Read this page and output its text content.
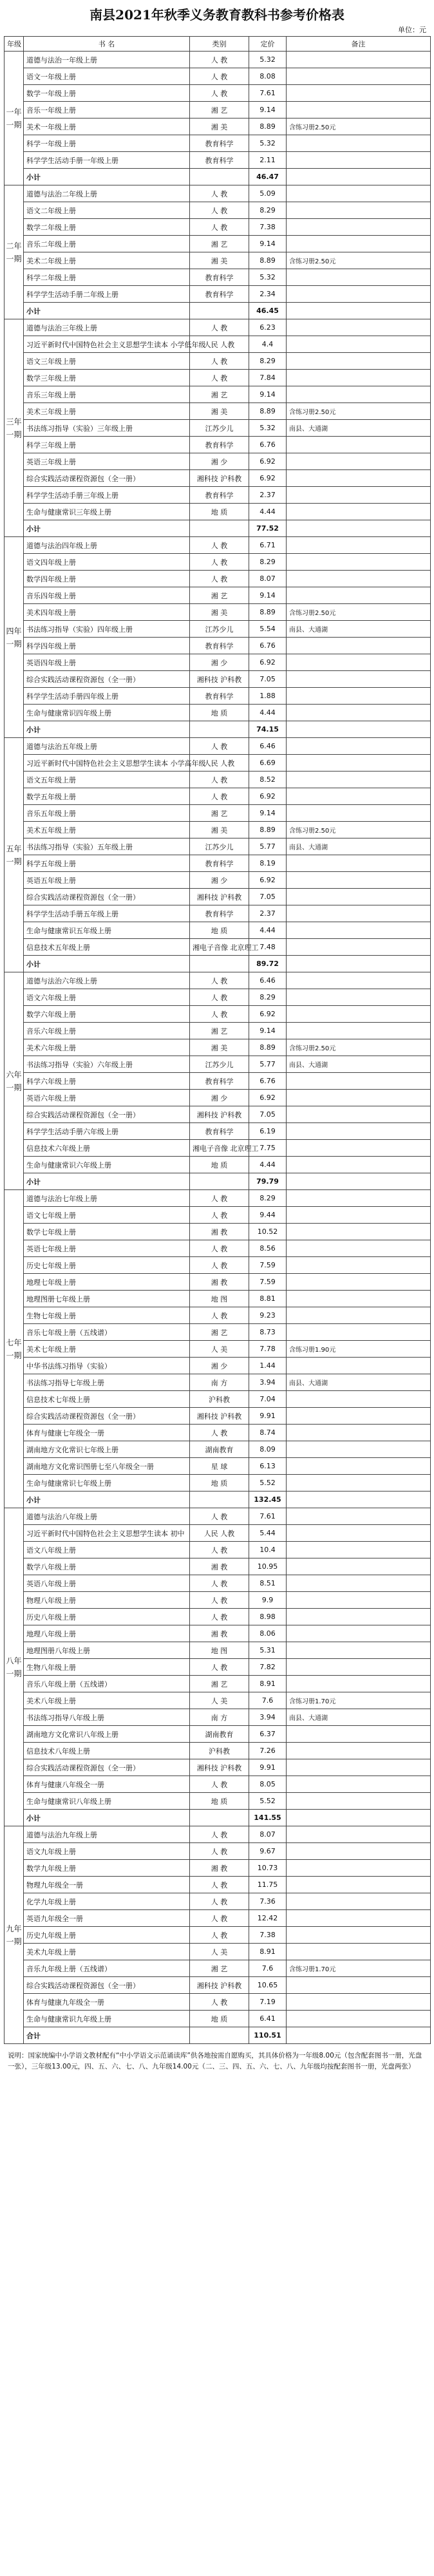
南县2021年秋季义务教育教科书参考价格表
单位：元
年级	书 名	类别	定价	备注
一年一期	道德与法治一年级上册	人 教	5.32	
	语文一年级上册	人 教	8.08	
	数学一年级上册	人 教	7.61	
	音乐一年级上册	湘 艺	9.14	
	美术一年级上册	湘 美	8.89	含练习册2.50元
	科学一年级上册	教育科学	5.32	
	科学学生活动手册一年级上册	教育科学	2.11	
	小计		46.47	
二年一期	道德与法治二年级上册	人 教	5.09	
	语文二年级上册	人 教	8.29	
	数学二年级上册	人 教	7.38	
	音乐二年级上册	湘 艺	9.14	
	美术二年级上册	湘 美	8.89	含练习册2.50元
	科学二年级上册	教育科学	5.32	
	科学学生活动手册二年级上册	教育科学	2.34	
	小计		46.45	
三年一期	道德与法治三年级上册	人 教	6.23	
	习近平新时代中国特色社会主义思想学生读本 小学低年级	人民 人教	4.4	
	语文三年级上册	人 教	8.29	
	数学三年级上册	人 教	7.84	
	音乐三年级上册	湘 艺	9.14	
	美术三年级上册	湘 美	8.89	含练习册2.50元
	书法练习指导（实验）三年级上册	江苏少儿	5.32	南县、大通湖
	科学三年级上册	教育科学	6.76	
	英语三年级上册	湘 少	6.92	
	综合实践活动课程资源包（全一册）	湘科技 沪科教	6.92	
	科学学生活动手册三年级上册	教育科学	2.37	
	生命与健康常识三年级上册	地 质	4.44	
	小计		77.52	
四年一期	道德与法治四年级上册	人 教	6.71	
	语文四年级上册	人 教	8.29	
	数学四年级上册	人 教	8.07	
	音乐四年级上册	湘 艺	9.14	
	美术四年级上册	湘 美	8.89	含练习册2.50元
	书法练习指导（实验）四年级上册	江苏少儿	5.54	南县、大通湖
	科学四年级上册	教育科学	6.76	
	英语四年级上册	湘 少	6.92	
	综合实践活动课程资源包（全一册）	湘科技 沪科教	7.05	
	科学学生活动手册四年级上册	教育科学	1.88	
	生命与健康常识四年级上册	地 质	4.44	
	小计		74.15	
五年一期	道德与法治五年级上册	人 教	6.46	
	习近平新时代中国特色社会主义思想学生读本 小学高年级	人民 人教	6.69	
	语文五年级上册	人 教	8.52	
	数学五年级上册	人 教	6.92	
	音乐五年级上册	湘 艺	9.14	
	美术五年级上册	湘 美	8.89	含练习册2.50元
	书法练习指导（实验）五年级上册	江苏少儿	5.77	南县、大通湖
	科学五年级上册	教育科学	8.19	
	英语五年级上册	湘 少	6.92	
	综合实践活动课程资源包（全一册）	湘科技 沪科教	7.05	
	科学学生活动手册五年级上册	教育科学	2.37	
	生命与健康常识五年级上册	地 质	4.44	
	信息技术五年级上册	湘电子音像 北京理工	7.48	
	小计		89.72	
六年一期	道德与法治六年级上册	人 教	6.46	
	语文六年级上册	人 教	8.29	
	数学六年级上册	人 教	6.92	
	音乐六年级上册	湘 艺	9.14	
	美术六年级上册	湘 美	8.89	含练习册2.50元
	书法练习指导（实验）六年级上册	江苏少儿	5.77	南县、大通湖
	科学六年级上册	教育科学	6.76	
	英语六年级上册	湘 少	6.92	
	综合实践活动课程资源包（全一册）	湘科技 沪科教	7.05	
	科学学生活动手册六年级上册	教育科学	6.19	
	信息技术六年级上册	湘电子音像 北京理工	7.75	
	生命与健康常识六年级上册	地 质	4.44	
	小计		79.79	
七年一期	道德与法治七年级上册	人 教	8.29	
	语文七年级上册	人 教	9.44	
	数学七年级上册	湘 教	10.52	
	英语七年级上册	人 教	8.56	
	历史七年级上册	人 教	7.59	
	地理七年级上册	湘 教	7.59	
	地理图册七年级上册	地 图	8.81	
	生物七年级上册	人 教	9.23	
	音乐七年级上册（五线谱）	湘 艺	8.73	
	美术七年级上册	人 美	7.78	含练习册1.90元
	中华书法练习指导（实验）	湘 少	1.44	
	书法练习指导七年级上册	南 方	3.94	南县、大通湖
	信息技术七年级上册	沪科教	7.04	
	综合实践活动课程资源包（全一册）	湘科技 沪科教	9.91	
	体育与健康七年级全一册	人 教	8.74	
	湖南地方文化常识七年级上册	湖南教育	8.09	
	湖南地方文化常识图册七至八年级全一册	星 球	6.13	
	生命与健康常识七年级上册	地 质	5.52	
	小计		132.45	
八年一期	道德与法治八年级上册	人 教	7.61	
	习近平新时代中国特色社会主义思想学生读本 初中	人民 人教	5.44	
	语文八年级上册	人 教	10.4	
	数学八年级上册	湘 教	10.95	
	英语八年级上册	人 教	8.51	
	物理八年级上册	人 教	9.9	
	历史八年级上册	人 教	8.98	
	地理八年级上册	湘 教	8.06	
	地理图册八年级上册	地 图	5.31	
	生物八年级上册	人 教	7.82	
	音乐八年级上册（五线谱）	湘 艺	8.91	
	美术八年级上册	人 美	7.6	含练习册1.70元
	书法练习指导八年级上册	南 方	3.94	南县、大通湖
	湖南地方文化常识八年级上册	湖南教育	6.37	
	信息技术八年级上册	沪科教	7.26	
	综合实践活动课程资源包（全一册）	湘科技 沪科教	9.91	
	体育与健康八年级全一册	人 教	8.05	
	生命与健康常识八年级上册	地 质	5.52	
	小计		141.55	
九年一期	道德与法治九年级上册	人 教	8.07	
	语文九年级上册	人 教	9.67	
	数学九年级上册	湘 教	10.73	
	物理九年级全一册	人 教	11.75	
	化学九年级上册	人 教	7.36	
	英语九年级全一册	人 教	12.42	
	历史九年级上册	人 教	7.38	
	美术九年级上册	人 美	8.91	
	音乐九年级上册（五线谱）	湘 艺	7.6	含练习册1.70元
	综合实践活动课程资源包（全一册）	湘科技 沪科教	10.65	
	体育与健康九年级全一册	人 教	7.19	
	生命与健康常识九年级上册	地 质	6.41	
	合计		110.51	
说明：国家统编中小学语文教材配有“中小学语文示范诵读库”供各地按需自愿购买，其具体价格为一年级8.00元（包含配套图书一册，光盘一张），三年级13.00元，四、五、六、七、八、九年级14.00元（二、三、四、五、六、七、八、九年级均按配套图书一册，光盘两张）
